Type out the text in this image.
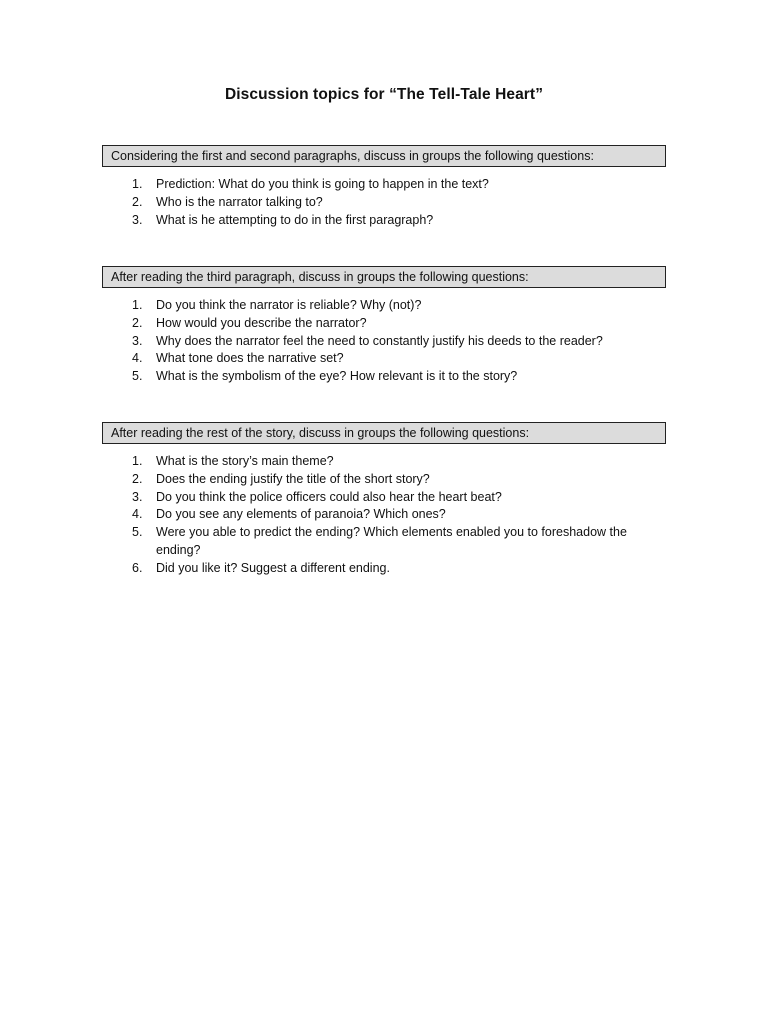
Discussion topics for “The Tell-Tale Heart”
Considering the first and second paragraphs, discuss in groups the following questions:
1. Prediction: What do you think is going to happen in the text?
2. Who is the narrator talking to?
3. What is he attempting to do in the first paragraph?
After reading the third paragraph, discuss in groups the following questions:
1. Do you think the narrator is reliable? Why (not)?
2. How would you describe the narrator?
3. Why does the narrator feel the need to constantly justify his deeds to the reader?
4. What tone does the narrative set?
5. What is the symbolism of the eye? How relevant is it to the story?
After reading the rest of the story, discuss in groups the following questions:
1. What is the story’s main theme?
2. Does the ending justify the title of the short story?
3. Do you think the police officers could also hear the heart beat?
4. Do you see any elements of paranoia? Which ones?
5. Were you able to predict the ending? Which elements enabled you to foreshadow the ending?
6. Did you like it? Suggest a different ending.
